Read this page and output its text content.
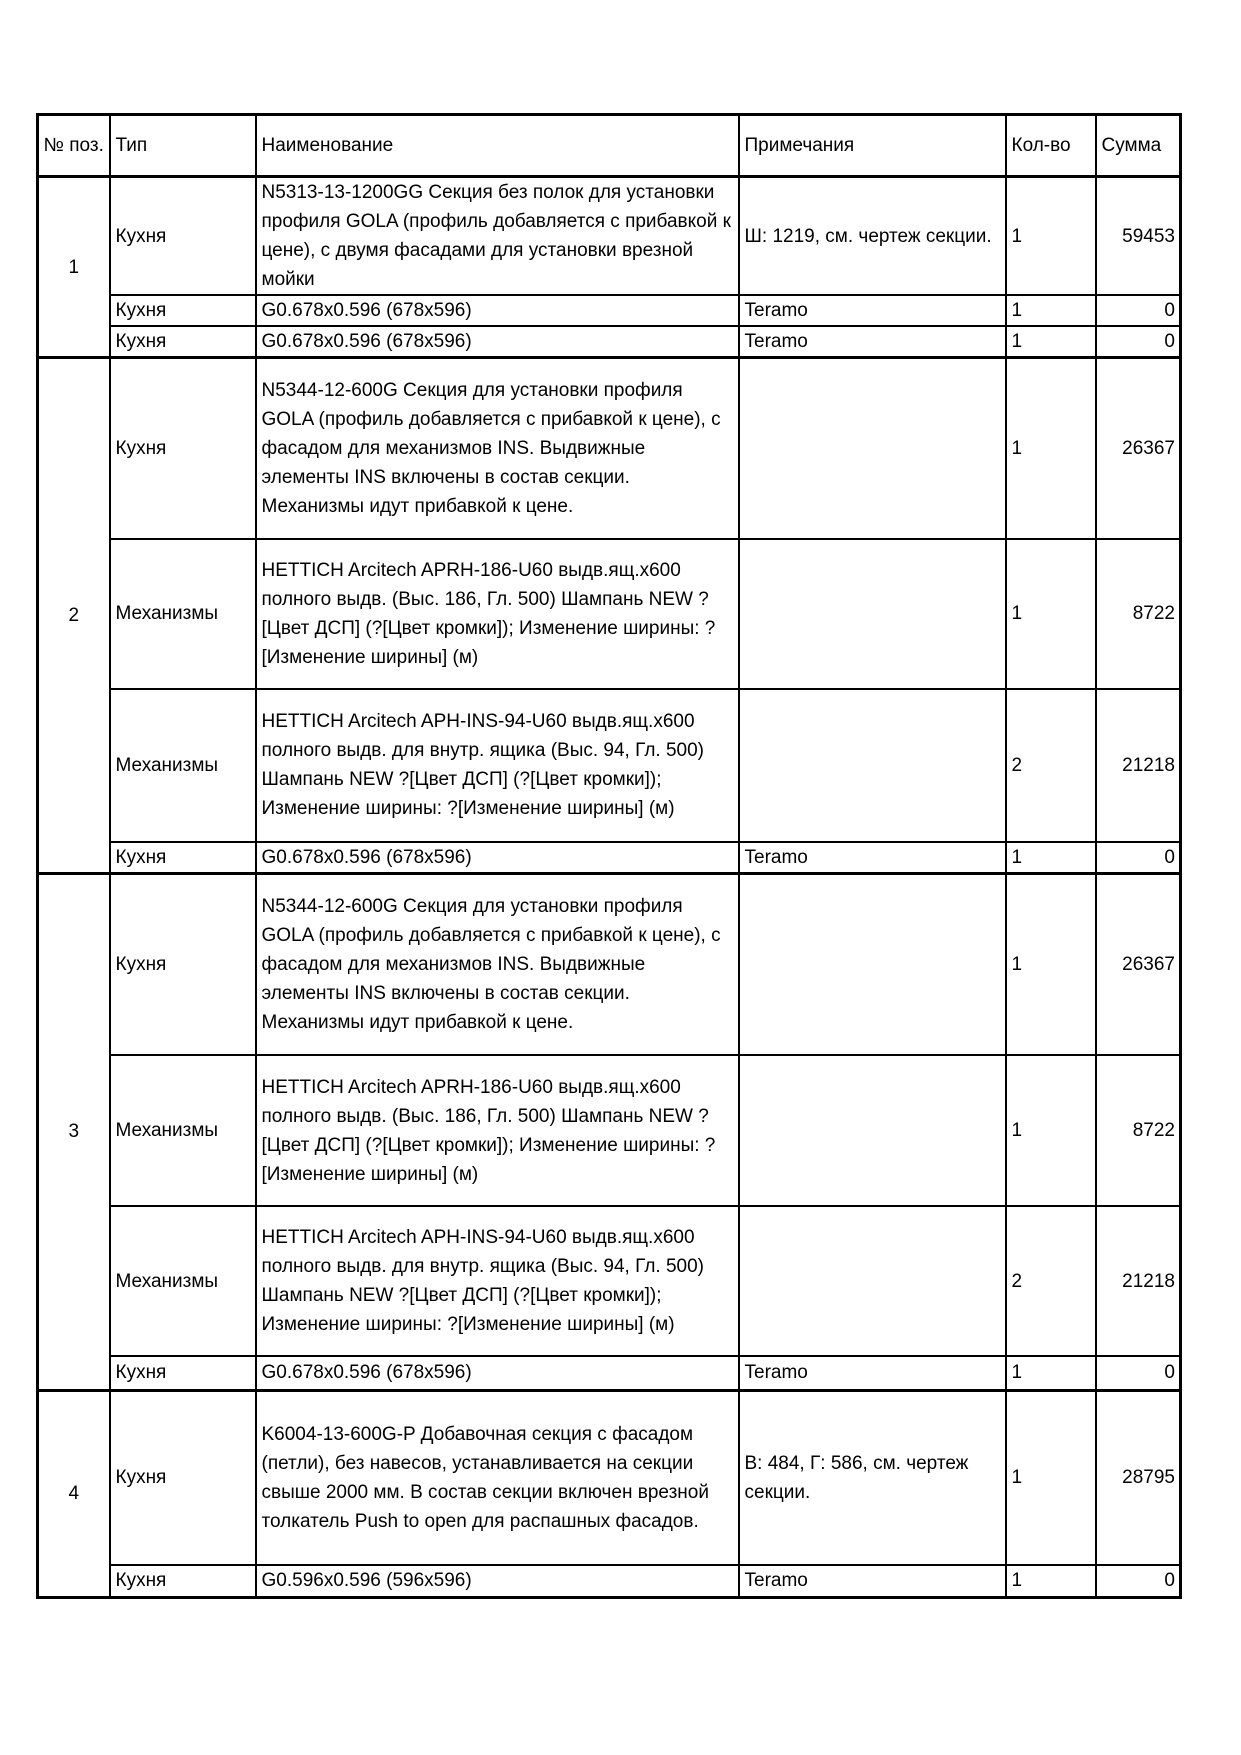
№ поз.	Тип	Наименование	Примечания	Кол-во	Сумма
1	Кухня	N5313-13-1200GG Секция без полок для установки профиля GOLA (профиль добавляется с прибавкой к цене), с двумя фасадами для установки врезной мойки	Ш: 1219, см. чертеж секции.	1	59453
	Кухня	G0.678x0.596 (678x596)	Teramo	1	0
	Кухня	G0.678x0.596 (678x596)	Teramo	1	0
2	Кухня	N5344-12-600G Секция для установки профиля GOLA (профиль добавляется с прибавкой к цене), с фасадом для механизмов INS. Выдвижные элементы INS включены в состав секции. Механизмы идут прибавкой к цене.		1	26367
	Механизмы	HETTICH Arcitech APRH-186-U60 выдв.ящ.x600 полного выдв. (Выс. 186, Гл. 500) Шампань NEW ?[Цвет ДСП] (?[Цвет кромки]); Изменение ширины: ?[Изменение ширины] (м)		1	8722
	Механизмы	HETTICH Arcitech APH-INS-94-U60 выдв.ящ.x600 полного выдв. для внутр. ящика (Выс. 94, Гл. 500) Шампань NEW ?[Цвет ДСП] (?[Цвет кромки]); Изменение ширины: ?[Изменение ширины] (м)		2	21218
	Кухня	G0.678x0.596 (678x596)	Teramo	1	0
3	Кухня	N5344-12-600G Секция для установки профиля GOLA (профиль добавляется с прибавкой к цене), с фасадом для механизмов INS. Выдвижные элементы INS включены в состав секции. Механизмы идут прибавкой к цене.		1	26367
	Механизмы	HETTICH Arcitech APRH-186-U60 выдв.ящ.x600 полного выдв. (Выс. 186, Гл. 500) Шампань NEW ?[Цвет ДСП] (?[Цвет кромки]); Изменение ширины: ?[Изменение ширины] (м)		1	8722
	Механизмы	HETTICH Arcitech APH-INS-94-U60 выдв.ящ.x600 полного выдв. для внутр. ящика (Выс. 94, Гл. 500) Шампань NEW ?[Цвет ДСП] (?[Цвет кромки]); Изменение ширины: ?[Изменение ширины] (м)		2	21218
	Кухня	G0.678x0.596 (678x596)	Teramo	1	0
4	Кухня	K6004-13-600G-P Добавочная секция с фасадом (петли), без навесов, устанавливается на секции свыше 2000 мм. В состав секции включен врезной толкатель Push to open для распашных фасадов.	В: 484, Г: 586, см. чертеж секции.	1	28795
	Кухня	G0.596x0.596 (596x596)	Teramo	1	0
